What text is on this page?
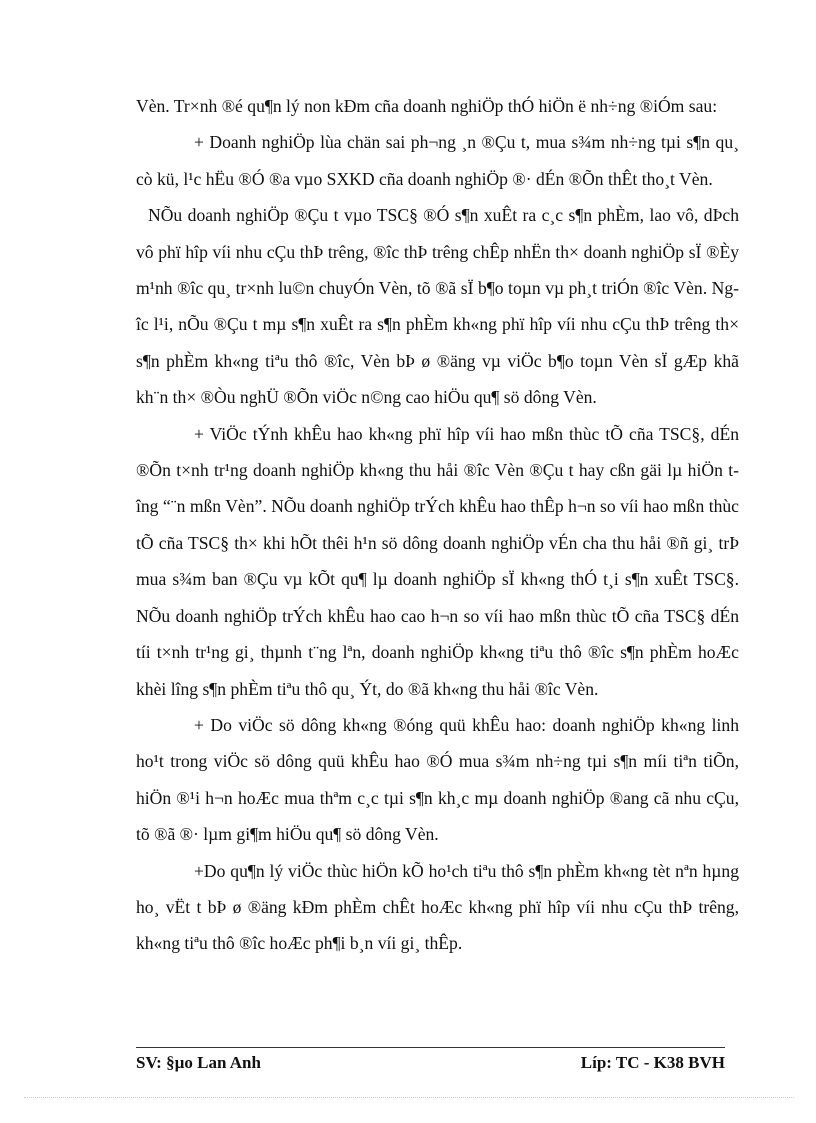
Vèn. Tr×nh ®é qu¶n lý non kÐm cña doanh nghiÖp thÓ hiÖn ë nh÷ng ®iÓm sau:

+ Doanh nghiÖp lùa chän sai ph¬ng ¸n ®Çu t, mua s¾m nh÷ng tµi s¶n qu¸ cò kü, l¹c hËu ®Ó ®a vµo SXKD cña doanh nghiÖp ®· dÉn ®Õn thÊt tho¸t Vèn.

NÕu doanh nghiÖp ®Çu t vµo TSC§ ®Ó s¶n xuÊt ra c¸c s¶n phÈm, lao vô, dÞch vô phï hîp víi nhu cÇu thÞ trêng, ®îc thÞ trêng chÊp nhËn th× doanh nghiÖp sÏ ®Èy m¹nh ®îc qu¸ tr×nh lu©n chuyÓn Vèn, tõ ®ã sÏ b¶o toµn vµ ph¸t triÓn ®îc Vèn. Ngîc l¹i, nÕu ®Çu t mµ s¶n xuÊt ra s¶n phÈm kh«ng phï hîp víi nhu cÇu thÞ trêng th× s¶n phÈm kh«ng tiªu thô ®îc, Vèn bÞ ø ®äng vµ viÖc b¶o toµn Vèn sÏ gÆp khã kh¨n th× ®Òu nghÜ ®Õn viÖc n©ng cao hiÖu qu¶ sö dông Vèn.

+ ViÖc tÝnh khÊu hao kh«ng phï hîp víi hao mßn thùc tÕ cña TSC§, dÉn ®Õn t×nh tr¹ng doanh nghiÖp kh«ng thu håi ®îc Vèn ®Çu t hay cßn gäi lµ hiÖn tîng “¨n mßn Vèn”. NÕu doanh nghiÖp trÝch khÊu hao thÊp h¬n so víi hao mßn thùc tÕ cña TSC§ th× khi hÕt thêi h¹n sö dông doanh nghiÖp vÉn cha thu håi ®ñ gi¸ trÞ mua s¾m ban ®Çu vµ kÕt qu¶ lµ doanh nghiÖp sÏ kh«ng thÓ t¸i s¶n xuÊt TSC§. NÕu doanh nghiÖp trÝch khÊu hao cao h¬n so víi hao mßn thùc tÕ cña TSC§ dÉn tíi t×nh tr¹ng gi¸ thµnh t¨ng lªn, doanh nghiÖp kh«ng tiªu thô ®îc s¶n phÈm hoÆc khèi lîng s¶n phÈm tiªu thô qu¸ Ýt, do ®ã kh«ng thu håi ®îc Vèn.

+ Do viÖc sö dông kh«ng ®óng quü khÊu hao: doanh nghiÖp kh«ng linh ho¹t trong viÖc sö dông quü khÊu hao ®Ó mua s¾m nh÷ng tµi s¶n míi tiªn tiÕn, hiÖn ®¹i h¬n hoÆc mua thªm c¸c tµi s¶n kh¸c mµ doanh nghiÖp ®ang cã nhu cÇu, tõ ®ã ®· lµm gi¶m hiÖu qu¶ sö dông Vèn.

+Do qu¶n lý viÖc thùc hiÖn kÕ ho¹ch tiªu thô s¶n phÈm kh«ng tèt nªn hµng ho¸ vËt t bÞ ø ®äng kÐm phÈm chÊt hoÆc kh«ng phï hîp víi nhu cÇu thÞ trêng, kh«ng tiªu thô ®îc hoÆc ph¶i b¸n víi gi¸ thÊp.

SV: §µo Lan Anh	Líp: TC - K38 BVH
